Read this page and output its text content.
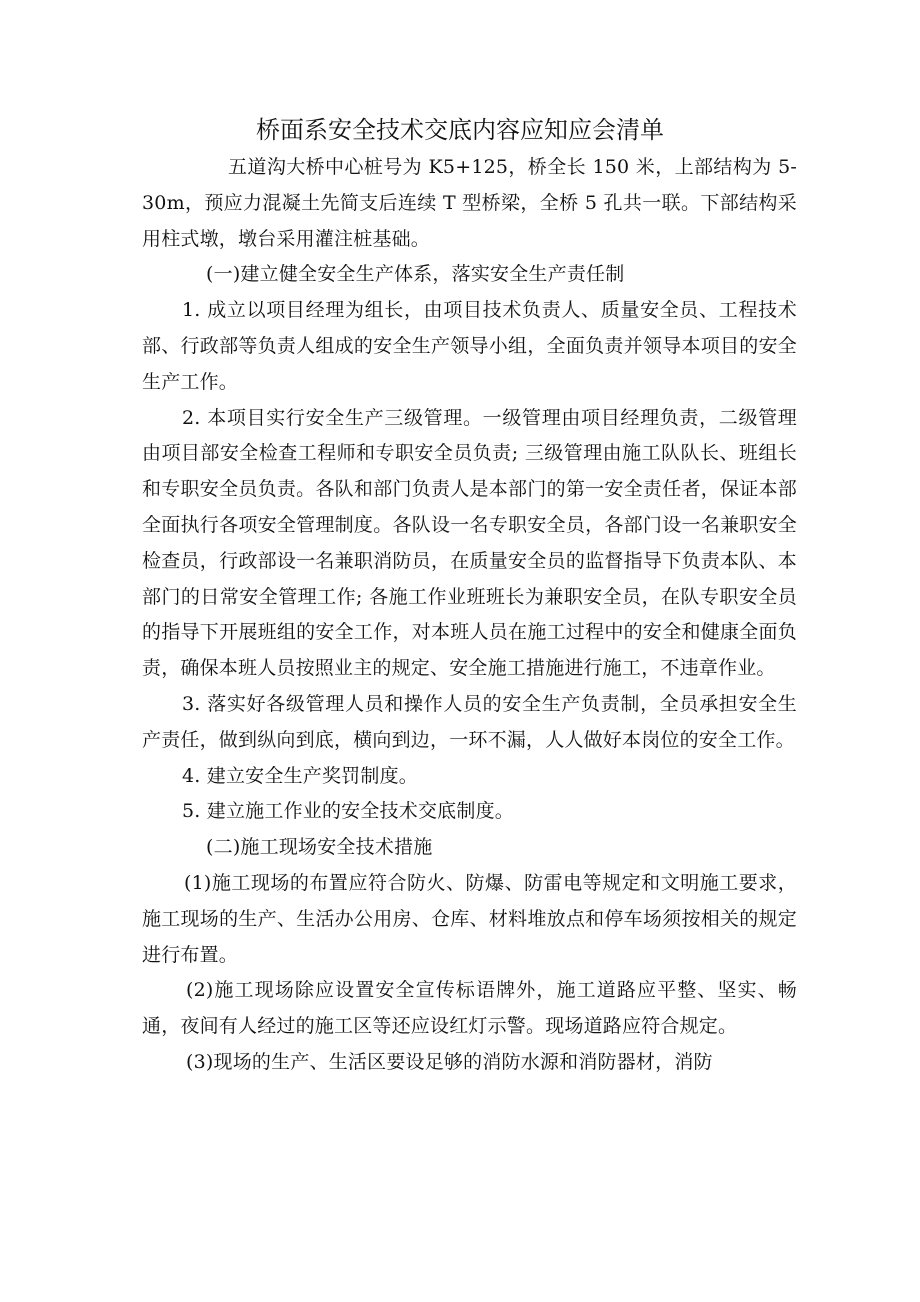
桥面系安全技术交底内容应知应会清单

五道沟大桥中心桩号为 K5+125，桥全长 150 米，上部结构为 5-30m，预应力混凝土先简支后连续 T 型桥梁，全桥 5 孔共一联。下部结构采用柱式墩，墩台采用灌注桩基础。

(一)建立健全安全生产体系，落实安全生产责任制

1. 成立以项目经理为组长，由项目技术负责人、质量安全员、工程技术部、行政部等负责人组成的安全生产领导小组，全面负责并领导本项目的安全生产工作。

2. 本项目实行安全生产三级管理。一级管理由项目经理负责，二级管理由项目部安全检查工程师和专职安全员负责; 三级管理由施工队队长、班组长和专职安全员负责。各队和部门负责人是本部门的第一安全责任者，保证本部全面执行各项安全管理制度。各队设一名专职安全员，各部门设一名兼职安全检查员，行政部设一名兼职消防员，在质量安全员的监督指导下负责本队、本部门的日常安全管理工作; 各施工作业班班长为兼职安全员，在队专职安全员的指导下开展班组的安全工作，对本班人员在施工过程中的安全和健康全面负责，确保本班人员按照业主的规定、安全施工措施进行施工，不违章作业。

3. 落实好各级管理人员和操作人员的安全生产负责制，全员承担安全生产责任，做到纵向到底，横向到边，一环不漏，人人做好本岗位的安全工作。

4. 建立安全生产奖罚制度。

5. 建立施工作业的安全技术交底制度。

(二)施工现场安全技术措施

(1)施工现场的布置应符合防火、防爆、防雷电等规定和文明施工要求，施工现场的生产、生活办公用房、仓库、材料堆放点和停车场须按相关的规定进行布置。

(2)施工现场除应设置安全宣传标语牌外，施工道路应平整、坚实、畅通，夜间有人经过的施工区等还应设红灯示警。现场道路应符合规定。

(3)现场的生产、生活区要设足够的消防水源和消防器材，消防
